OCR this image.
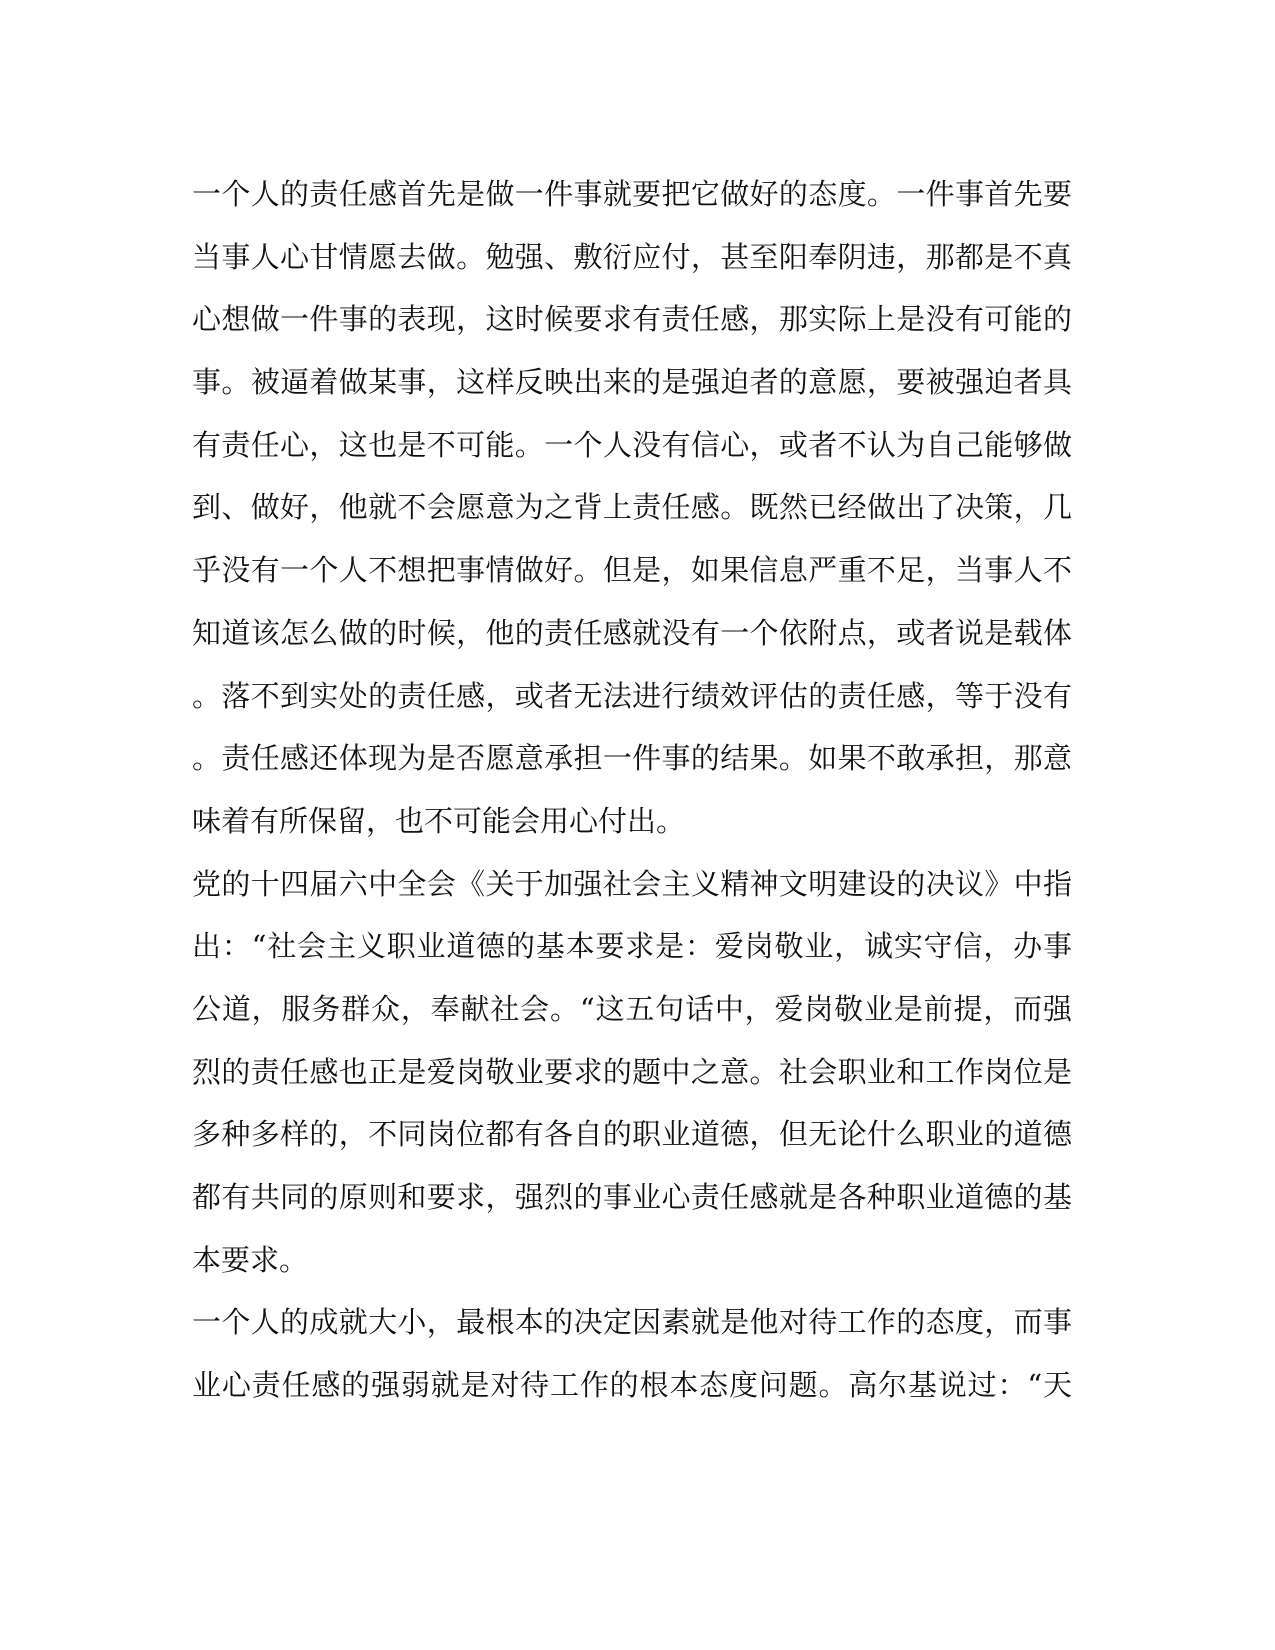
一个人的责任感首先是做一件事就要把它做好的态度。一件事首先要
当事人心甘情愿去做。勉强、敷衍应付，甚至阳奉阴违，那都是不真
心想做一件事的表现，这时候要求有责任感，那实际上是没有可能的
事。被逼着做某事，这样反映出来的是强迫者的意愿，要被强迫者具
有责任心，这也是不可能。一个人没有信心，或者不认为自己能够做
到、做好，他就不会愿意为之背上责任感。既然已经做出了决策，几
乎没有一个人不想把事情做好。但是，如果信息严重不足，当事人不
知道该怎么做的时候，他的责任感就没有一个依附点，或者说是载体
。落不到实处的责任感，或者无法进行绩效评估的责任感，等于没有
。责任感还体现为是否愿意承担一件事的结果。如果不敢承担，那意
味着有所保留，也不可能会用心付出。
党的十四届六中全会《关于加强社会主义精神文明建设的决议》中指
出：“社会主义职业道德的基本要求是：爱岗敬业，诚实守信，办事
公道，服务群众，奉献社会。“这五句话中，爱岗敬业是前提，而强
烈的责任感也正是爱岗敬业要求的题中之意。社会职业和工作岗位是
多种多样的，不同岗位都有各自的职业道德，但无论什么职业的道德
都有共同的原则和要求，强烈的事业心责任感就是各种职业道德的基
本要求。
一个人的成就大小，最根本的决定因素就是他对待工作的态度，而事
业心责任感的强弱就是对待工作的根本态度问题。高尔基说过：“天
